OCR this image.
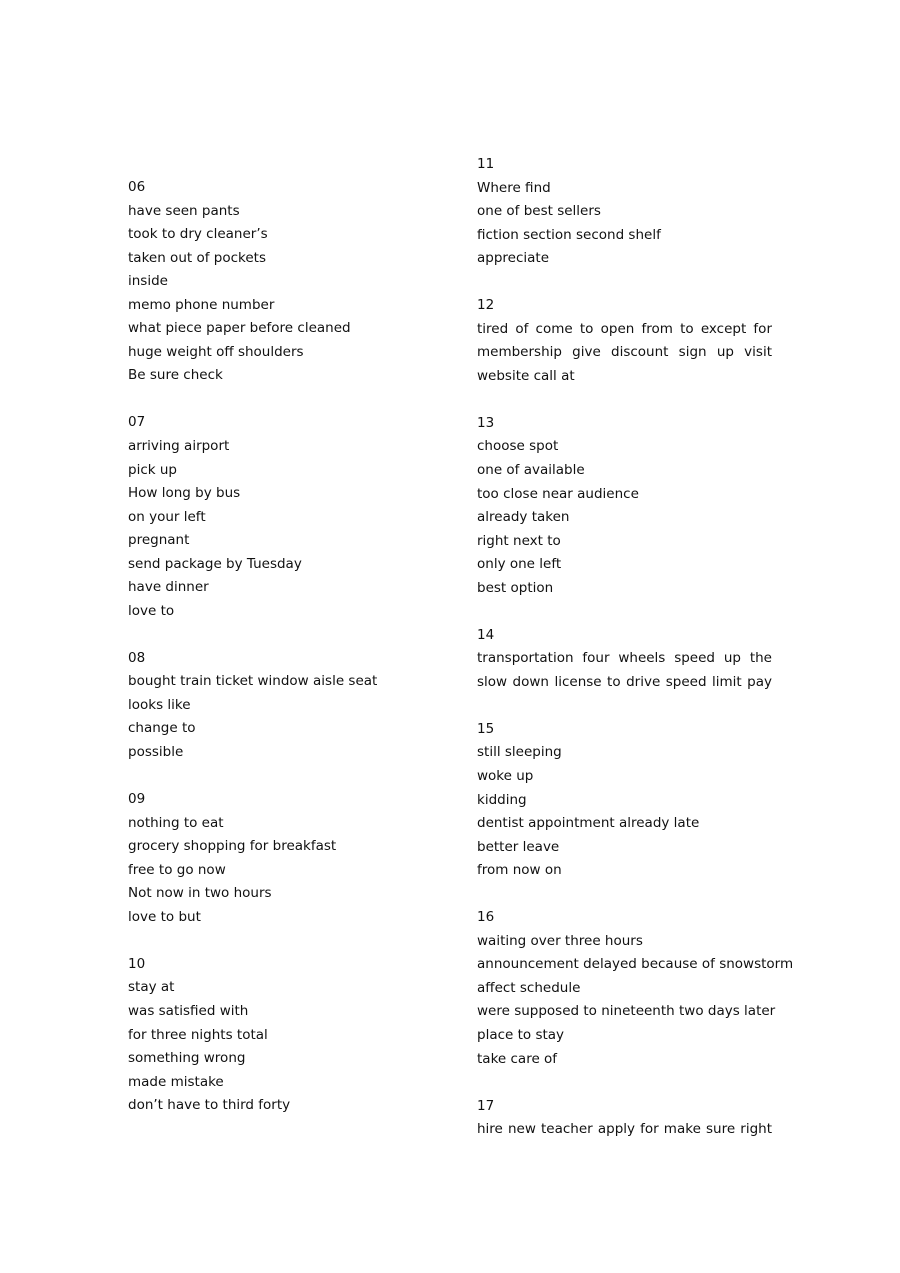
06
have seen pants
took to dry cleaner’s
taken out of pockets
inside
memo phone number
what piece paper before cleaned
huge weight off shoulders
Be sure check
07
arriving airport
pick up
How long by bus
on your left
pregnant
send package by Tuesday
have dinner
love to
08
bought train ticket window aisle seat
looks like
change to
possible
09
nothing to eat
grocery shopping for breakfast
free to go now
Not now in two hours
love to but
10
stay at
was satisfied with
for three nights total
something wrong
made mistake
don’t have to third forty
11
Where find
one of best sellers
fiction section second shelf
appreciate
12
tired of come to open from to except for
membership give discount sign up visit
website call at
13
choose spot
one of available
too close near audience
already taken
right next to
only one left
best option
14
transportation four wheels speed up the
slow down license to drive speed limit pay
15
still sleeping
woke up
kidding
dentist appointment already late
better leave
from now on
16
waiting over three hours
announcement delayed because of snowstorm
affect schedule
were supposed to nineteenth two days later
place to stay
take care of
17
hire new teacher apply for make sure right
